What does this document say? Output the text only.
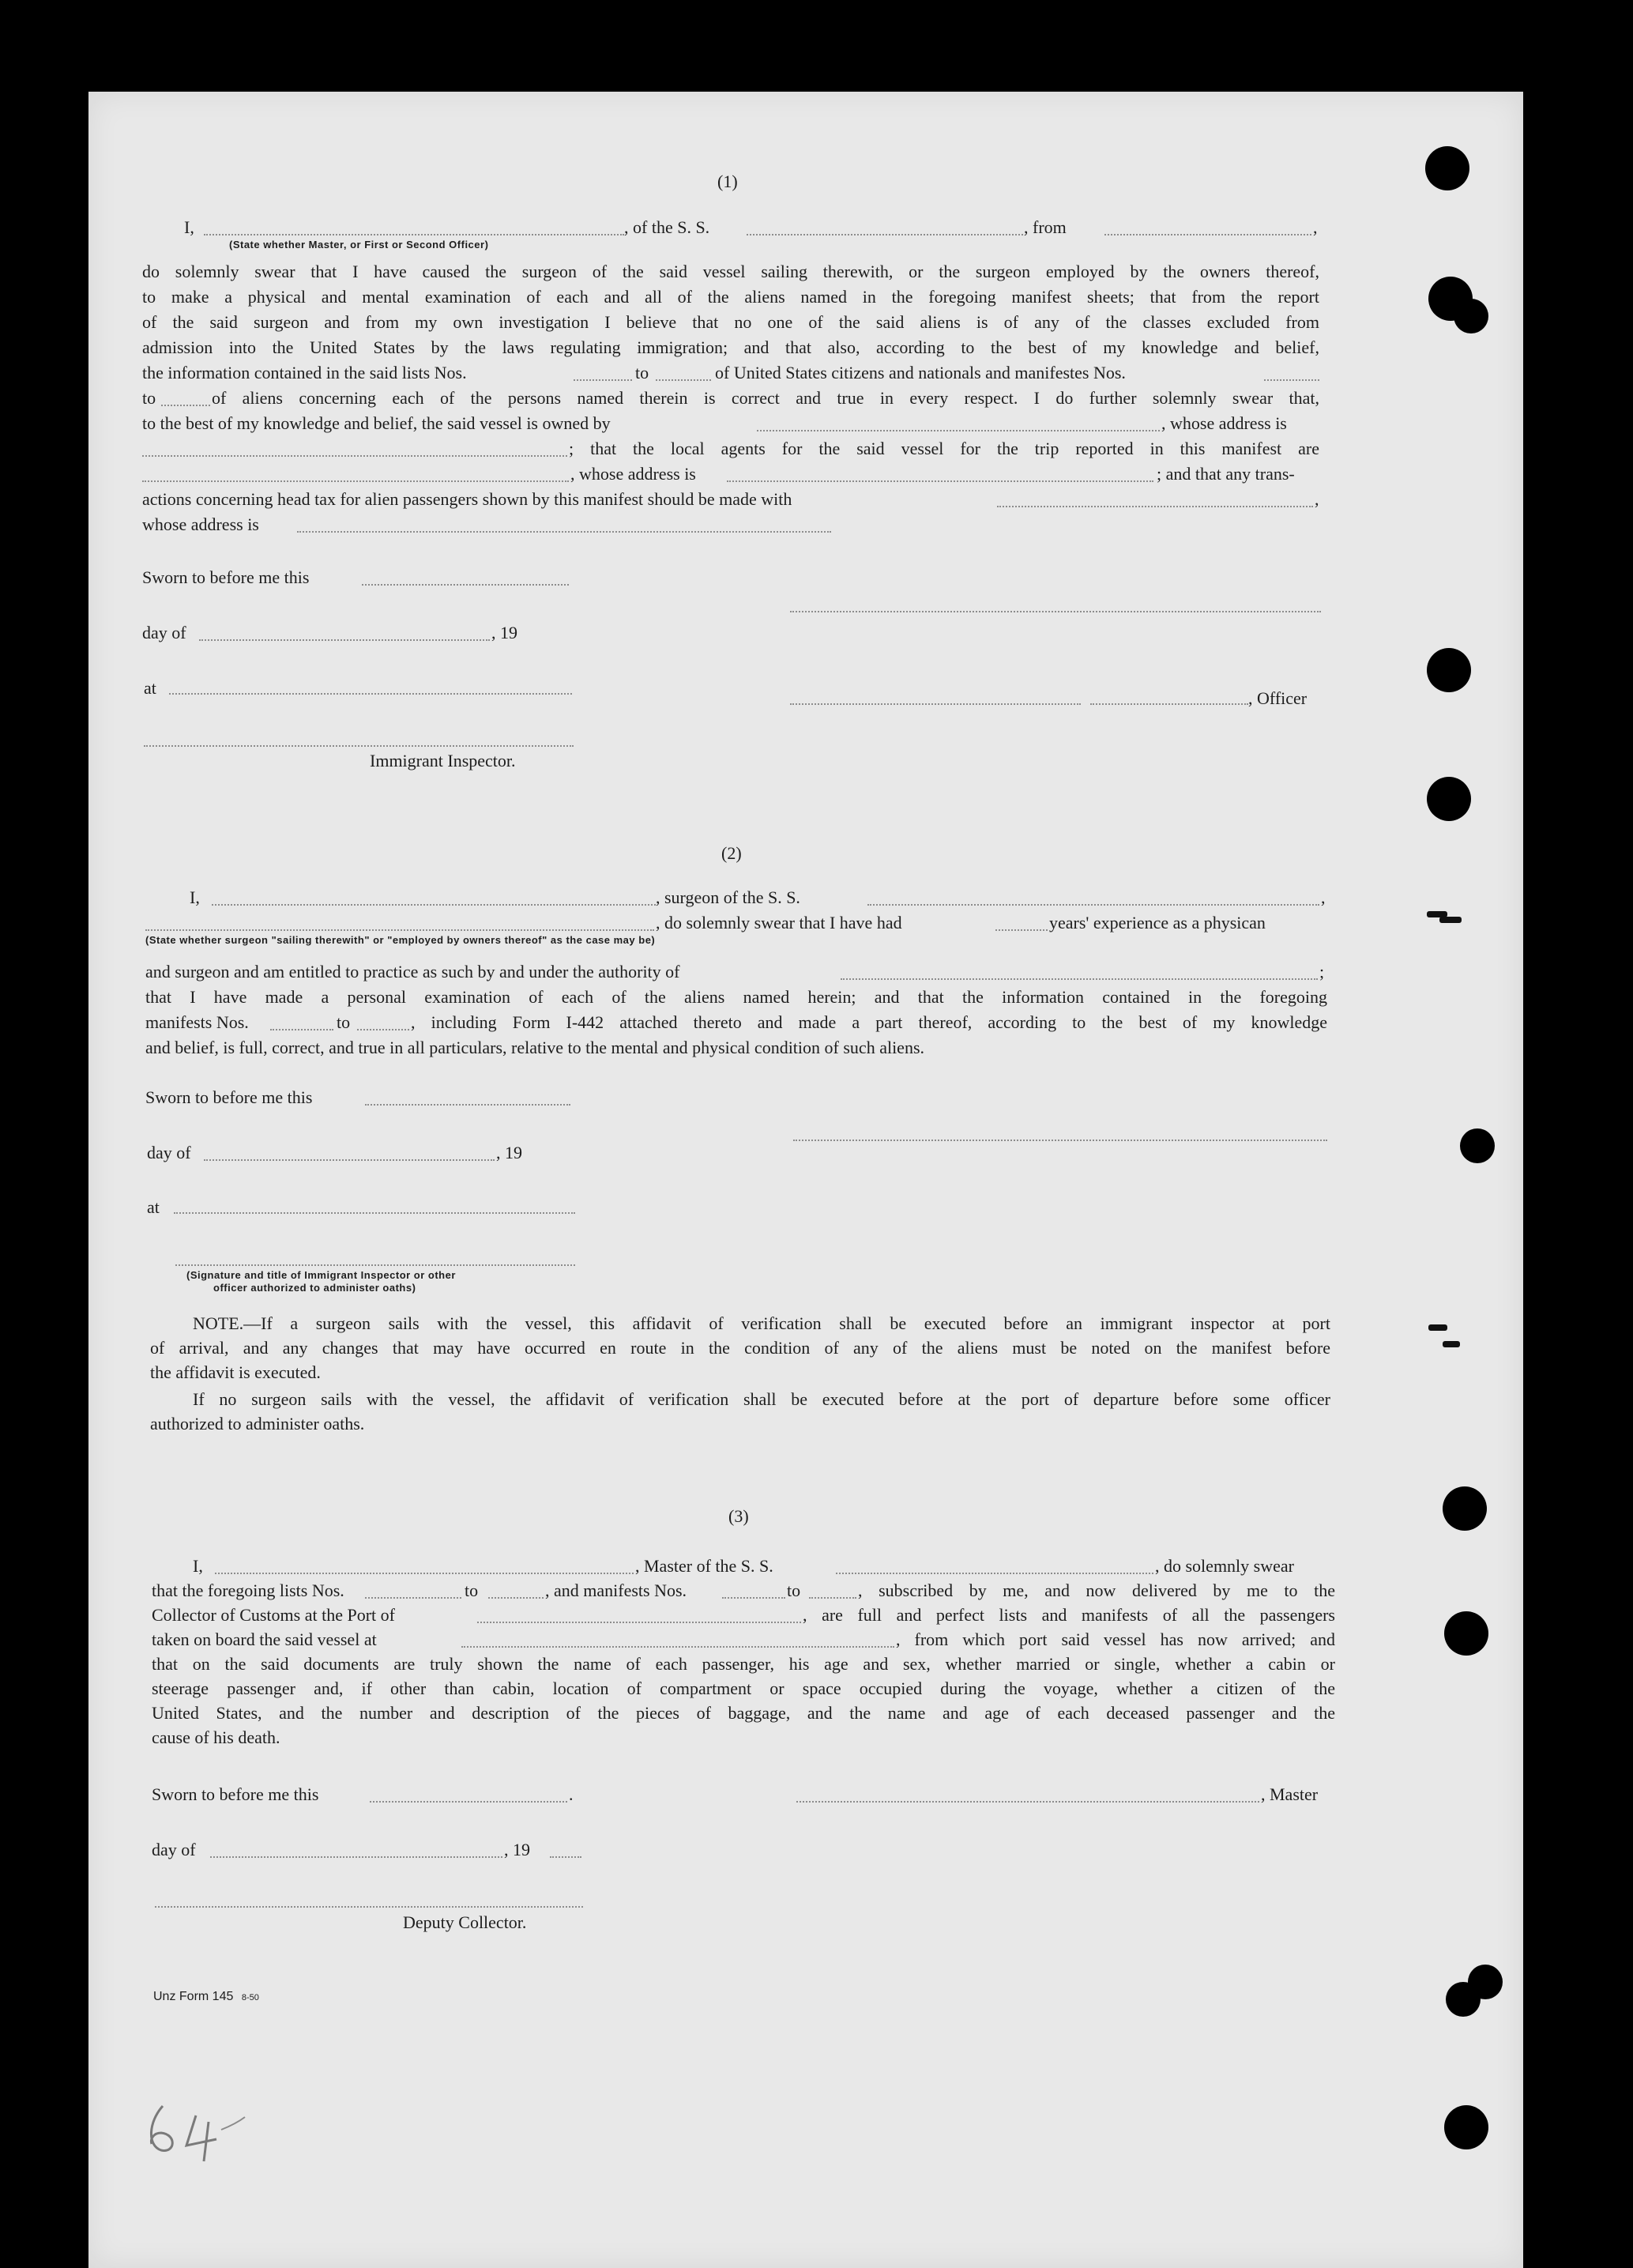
(1)
I,
(State whether Master, or First or Second Officer)
, of the S. S.	, from	,
do solemnly swear that I have caused the surgeon of the said vessel sailing therewith, or the surgeon employed by the owners thereof,
to make a physical and mental examination of each and all of the aliens named in the foregoing manifest sheets; that from the report
of the said surgeon and from my own investigation I believe that no one of the said aliens is of any of the classes excluded from
admission into the United States by the laws regulating immigration; and that also, according to the best of my knowledge and belief,
the information contained in the said lists Nos.	to	of United States citizens and nationals and manifestes Nos.
to	of aliens concerning each of the persons named therein is correct and true in every respect. I do further solemnly swear that,
to the best of my knowledge and belief, the said vessel is owned by	, whose address is
; that the local agents for the said vessel for the trip reported in this manifest are
, whose address is	; and that any trans-
actions concerning head tax for alien passengers shown by this manifest should be made with	,
whose address is
Sworn to before me this
day of	, 19
at
, Officer
Immigrant Inspector.
(2)
I,	, surgeon of the S. S.	,
, do solemnly swear that I have had	years' experience as a physican
(State whether surgeon "sailing therewith" or "employed by owners thereof" as the case may be)
and surgeon and am entitled to practice as such by and under the authority of	;
that I have made a personal examination of each of the aliens named herein; and that the information contained in the foregoing
manifests Nos.	to	, including Form I-442 attached thereto and made a part thereof, according to the best of my knowledge
and belief, is full, correct, and true in all particulars, relative to the mental and physical condition of such aliens.
Sworn to before me this
day of	, 19
at
(Signature and title of Immigrant Inspector or other
officer authorized to administer oaths)
NOTE.—If a surgeon sails with the vessel, this affidavit of verification shall be executed before an immigrant inspector at port
of arrival, and any changes that may have occurred en route in the condition of any of the aliens must be noted on the manifest before
the affidavit is executed.
If no surgeon sails with the vessel, the affidavit of verification shall be executed before at the port of departure before some officer
authorized to administer oaths.
(3)
I,	, Master of the S. S.	, do solemnly swear
that the foregoing lists Nos.	to	, and manifests Nos.	to	, subscribed by me, and now delivered by me to the
Collector of Customs at the Port of	, are full and perfect lists and manifests of all the passengers
taken on board the said vessel at	, from which port said vessel has now arrived; and
that on the said documents are truly shown the name of each passenger, his age and sex, whether married or single, whether a cabin or
steerage passenger and, if other than cabin, location of compartment or space occupied during the voyage, whether a citizen of the
United States, and the number and description of the pieces of baggage, and the name and age of each deceased passenger and the
cause of his death.
Sworn to before me this	.	, Master
day of	, 19
Deputy Collector.
Unz Form 145 8-50
